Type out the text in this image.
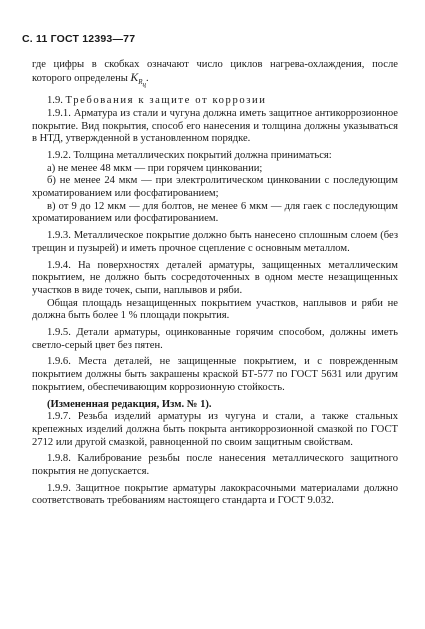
С. 11 ГОСТ 12393—77

где цифры в скобках означают число циклов нагрева-охлаждения, после которого определены $K_{R_ц}$.

1.9. Требования к защите от коррозии

1.9.1. Арматура из стали и чугуна должна иметь защитное антикоррозионное покрытие. Вид покрытия, способ его нанесения и толщина должны указываться в НТД, утвержденной в установленном порядке.

1.9.2. Толщина металлических покрытий должна приниматься:

а) не менее 48 мкм — при горячем цинковании;

б) не менее 24 мкм — при электролитическом цинковании с последующим хроматированием или фосфатированием;

в) от 9 до 12 мкм — для болтов, не менее 6 мкм — для гаек с последующим хроматированием или фосфатированием.

1.9.3. Металлическое покрытие должно быть нанесено сплошным слоем (без трещин и пузырей) и иметь прочное сцепление с основным металлом.

1.9.4. На поверхностях деталей арматуры, защищенных металлическим покрытием, не должно быть сосредоточенных в одном месте незащищенных участков в виде точек, сыпи, наплывов и ряби.

Общая площадь незащищенных покрытием участков, наплывов и ряби не должна быть более 1 % площади покрытия.

1.9.5. Детали арматуры, оцинкованные горячим способом, должны иметь светло-серый цвет без пятен.

1.9.6. Места деталей, не защищенные покрытием, и с поврежденным покрытием должны быть закрашены краской БТ-577 по ГОСТ 5631 или другим покрытием, обеспечивающим коррозионную стойкость.

(Измененная редакция, Изм. № 1).

1.9.7. Резьба изделий арматуры из чугуна и стали, а также стальных крепежных изделий должна быть покрыта антикоррозионной смазкой по ГОСТ 2712 или другой смазкой, равноценной по своим защитным свойствам.

1.9.8. Калибрование резьбы после нанесения металлического защитного покрытия не допускается.

1.9.9. Защитное покрытие арматуры лакокрасочными материалами должно соответствовать требованиям настоящего стандарта и ГОСТ 9.032.
